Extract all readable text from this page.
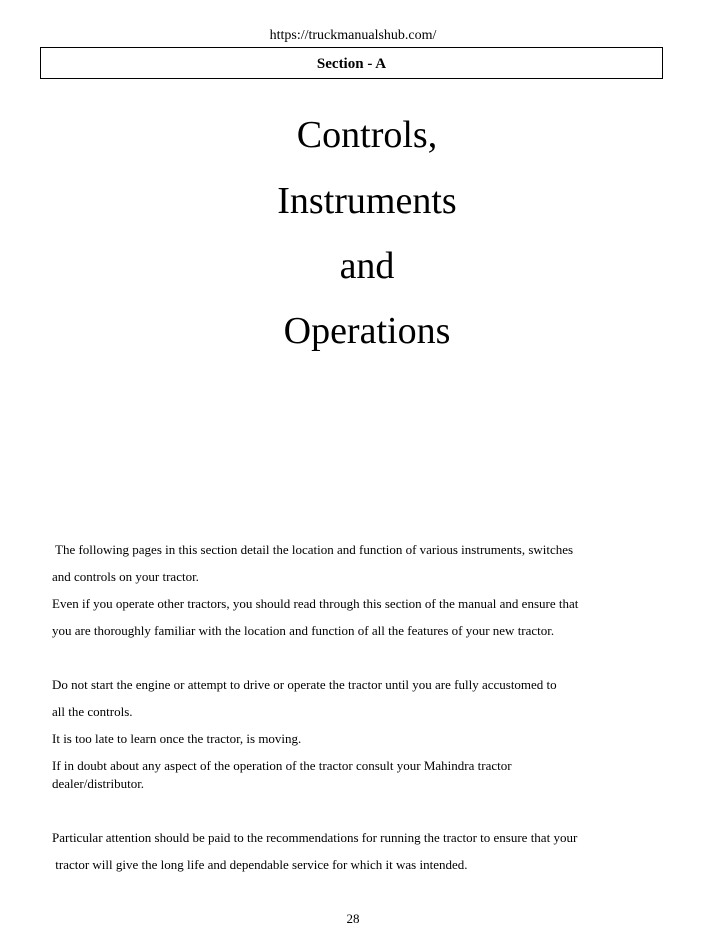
https://truckmanualshub.com/
Section - A
Controls,
Instruments
and
Operations
The following pages in this section detail the location and function of various instruments, switches
and controls on your tractor.
Even if you operate other tractors, you should read through this section of the manual and ensure that
you are thoroughly familiar with the location and function of all the features of your new tractor.
Do not start the engine or attempt to drive or operate the tractor until you are fully accustomed to
all the controls.
It is too late to learn once the tractor, is moving.
If in doubt about any aspect of the operation of the tractor consult your Mahindra tractor
dealer/distributor.
Particular attention should be paid to the recommendations for running the tractor to ensure that your
tractor will give the long life and dependable service for which it was intended.
28
